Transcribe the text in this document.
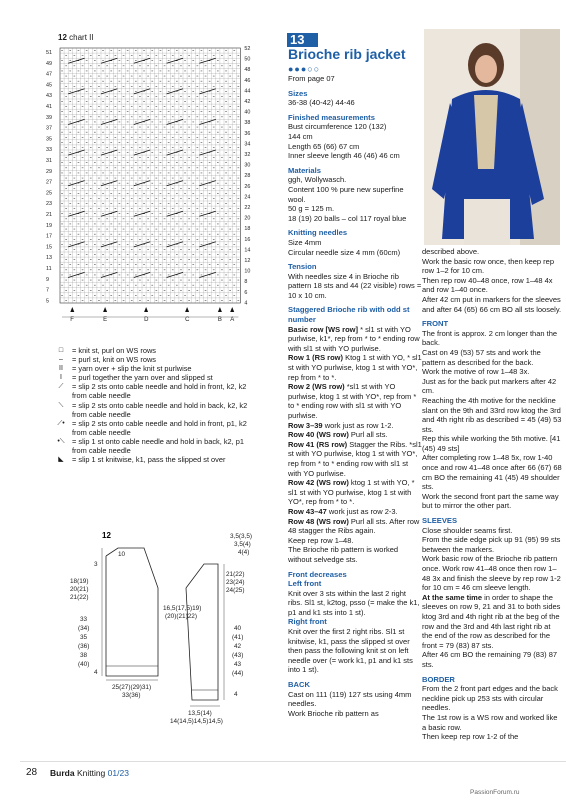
12 chart II
51
49
47
45
43
41
39
37
35
33
31
29
27
25
23
21
19
17
15
13
11
9
7
5
52
50
48
46
44
42
40
38
36
34
32
30
28
26
24
22
20
18
16
14
12
10
8
6
4
F	E	D	C	B A
□	= knit st, purl on WS rows
–	= purl st, knit on WS rows
II	= yarn over + slip the knit st purlwise
I	= purl together the yarn over and slipped st
⟋	= slip 2 sts onto cable needle and hold in front, k2, k2 from cable needle
⟍	= slip 2 sts onto cable needle and hold in back, k2, k2 from cable needle
⟋• = slip 2 sts onto cable needle and hold in front, p1, k2 from cable needle
•⟍ = slip 1 st onto cable needle and hold in back, k2, p1 from cable needle
◣	= slip 1 st knitwise, k1, pass the slipped st over
12
10
3
18(19)
20(21)
21(22)
33
(34)
35
(36)
38
(40)
4
25(27)(29)31)
33(36)
3,5(3,5)
3,5(4)
4(4)
21(22)
23(24)
24(25)
16,5(17,5)19)
(20)(21)22)
40
(41)
42
(43)
43
(44)
4
13,5(14)
14(14,5)14,5)14,5)
13
Brioche rib jacket
●●●○○

From page 07

Sizes

36-38 (40-42) 44-46

Finished measurements

Bust circumference 120 (132)

144 cm

Length 65 (66) 67 cm

Inner sleeve length 46 (46) 46 cm

Materials

ggh, Wollywasch.

Content 100 % pure new superfine wool.

50 g = 125 m.

18 (19) 20 balls – col 117 royal blue

Knitting needles

Size 4mm

Circular needle size 4 mm (60cm)

Tension

With needles size 4 in Brioche rib pattern 18 sts and 44 (22 visible) rows = 10 x 10 cm.

Staggered Brioche rib with odd st number

Basic row [WS row] * sl1 st with YO purlwise, k1*, rep from * to * ending row with sl1 st with YO purlwise.

Row 1 (RS row) Ktog 1 st with YO, * sl1 st with YO purlwise, ktog 1 st with YO*, rep from * to *.

Row 2 (WS row) *sl1 st with YO purlwise, ktog 1 st with YO*, rep from * to * ending row with sl1 st with YO purlwise.

Row 3–39 work just as row 1-2.

Row 40 (WS row) Purl all sts.

Row 41 (RS row) Stagger the Ribs. *sl1 st with YO purlwise, ktog 1 st with YO*, rep from * to * ending row with sl1 st with YO purlwise.

Row 42 (WS row) ktog 1 st with YO, * sl1 st with YO purlwise, ktog 1 st with YO*, rep from * to *.

Row 43–47 work just as row 2-3.

Row 48 (WS row) Purl all sts. After row 48 stagger the Ribs again.

Keep rep row 1–48.

The Brioche rib pattern is worked without selvedge sts.

Front decreases
Left front

Knit over 3 sts within the last 2 right ribs. Sl1 st, k2tog, psso (= make the k1, p1 and k1 sts into 1 st).

Right front

Knit over the first 2 right ribs. Sl1 st knitwise, k1, pass the slipped st over then pass the following knit st on left needle over (= work k1, p1 and k1 sts into 1 st).

BACK

Cast on 111 (119) 127 sts using 4mm needles.

Work Brioche rib pattern as

described above.

Work the basic row once, then keep rep row 1–2 for 10 cm.

Then rep row 40–48 once, row 1–48 4x and row 1–40 once.

After 42 cm put in markers for the sleeves and after 64 (65) 66 cm BO all sts loosely.

FRONT

The front is approx. 2 cm longer than the back.

Cast on 49 (53) 57 sts and work the pattern as described for the back.

Work the motive of row 1–48 3x.

Just as for the back put markers after 42 cm.

Reaching the 4th motive for the neckline slant on the 9th and 33rd row ktog the 3rd and 4th right rib as described = 45 (49) 53 sts.

Rep this while working the 5th motive. [41 (45) 49 sts]

After completing row 1–48 5x, row 1-40 once and row 41–48 once after 66 (67) 68 cm BO the remaining 41 (45) 49 shoulder sts.

Work the second front part the same way but to mirror the other part.

SLEEVES

Close shoulder seams first.

From the side edge pick up 91 (95) 99 sts between the markers.

Work basic row of the Brioche rib pattern once. Work row 41–48 once then row 1–48 3x and finish the sleeve by rep row 1-2 for 10 cm = 46 cm sleeve length.

At the same time in order to shape the sleeves on row 9, 21 and 31 to both sides ktog 3rd and 4th right rib at the beg of the row and the 3rd and 4th last right rib at the end of the row as described for the front = 79 (83) 87 sts.

After 46 cm BO the remaining 79 (83) 87 sts.

BORDER

From the 2 front part edges and the back neckline pick up 253 sts with circular needles.

The 1st row is a WS row and worked like a basic row.

Then keep rep row 1-2 of the

28 Burda Knitting 01/23
PassionForum.ru
